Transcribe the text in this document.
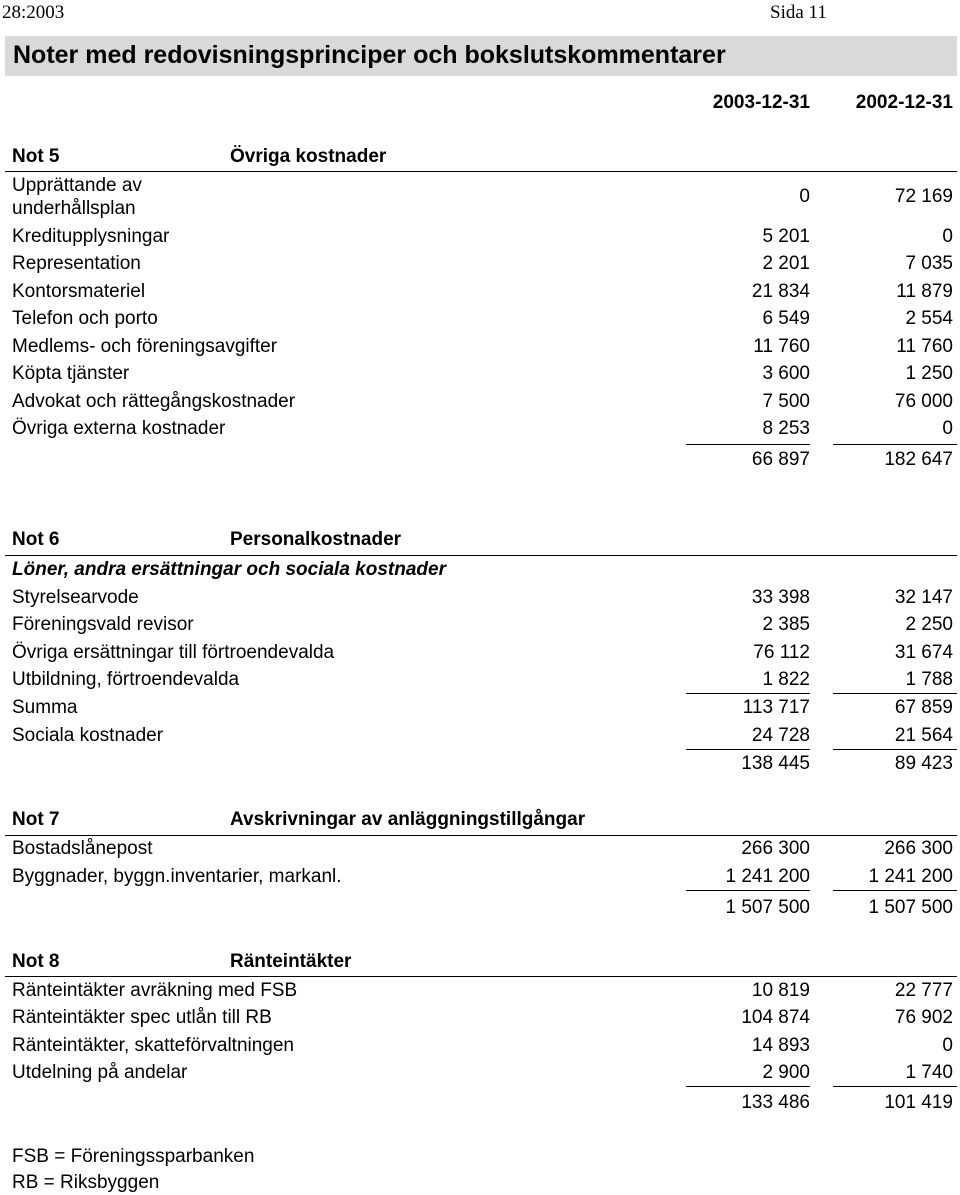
28:2003	Sida 11
Noter med redovisningsprinciper och bokslutskommentarer
2003-12-31 2002-12-31
Not 5	Övriga kostnader
Upprättande av
underhållsplan
0	72 169
Kreditupplysningar	5 201	0
Representation	2 201	7 035
Kontorsmateriel	21 834	11 879
Telefon och porto	6 549	2 554
Medlems- och föreningsavgifter	11 760	11 760
Köpta tjänster	3 600	1 250
Advokat och rättegångskostnader	7 500	76 000
Övriga externa kostnader	8 253	0
66 897	182 647
Not 6	Personalkostnader
Löner, andra ersättningar och sociala kostnader
Styrelsearvode	33 398	32 147
Föreningsvald revisor	2 385	2 250
Övriga ersättningar till förtroendevalda	76 112	31 674
Utbildning, förtroendevalda	1 822	1 788
Summa	113 717	67 859
Sociala kostnader	24 728	21 564
138 445	89 423
Not 7	Avskrivningar av anläggningstillgångar
Bostadslånepost	266 300	266 300
Byggnader, byggn.inventarier, markanl.	1 241 200	1 241 200
1 507 500	1 507 500
Not 8	Ränteintäkter
Ränteintäkter avräkning med FSB	10 819	22 777
Ränteintäkter spec utlån till RB	104 874	76 902
Ränteintäkter, skatteförvaltningen	14 893	0
Utdelning på andelar	2 900	1 740
133 486	101 419
FSB = Föreningssparbanken
RB = Riksbyggen
